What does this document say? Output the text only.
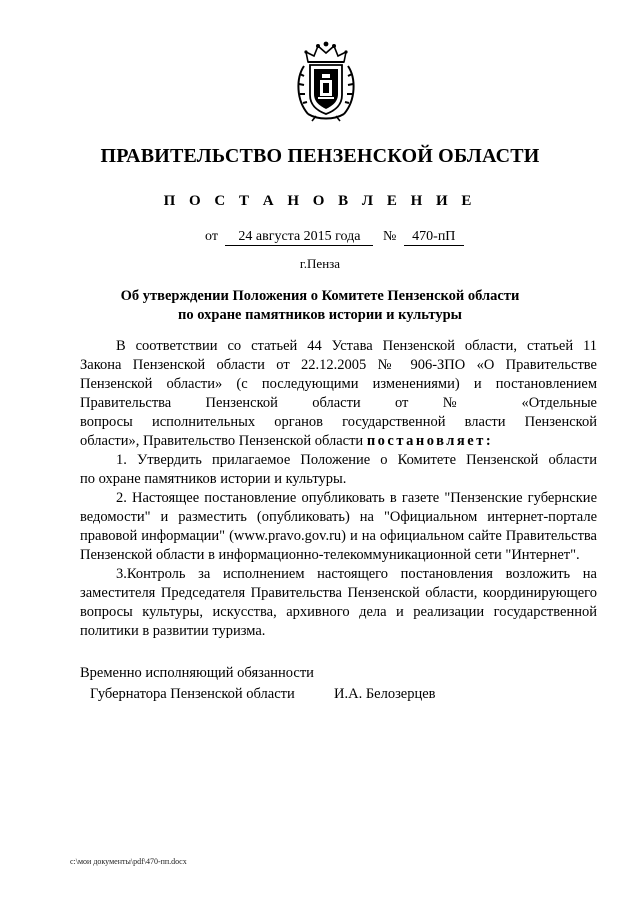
ПРАВИТЕЛЬСТВО ПЕНЗЕНСКОЙ ОБЛАСТИ
П О С Т А Н О В Л Е Н И Е
от 24 августа 2015 года № 470-пП
г.Пенза
Об утверждении Положения о Комитете Пензенской области
по охране памятников истории и культуры

В соответствии со статьей 44 Устава Пензенской области, статьей 11

Закона Пензенской области от 22.12.2005 № 906-ЗПО «О Правительстве

Пензенской области» (с последующими изменениями) и постановлением

Правительства Пензенской области от № «Отдельные

вопросы исполнительных органов государственной власти Пензенской

области», Правительство Пензенской области постановляет:

1. Утвердить прилагаемое Положение о Комитете Пензенской области

по охране памятников истории и культуры.

2. Настоящее постановление опубликовать в газете "Пензенские губернские

ведомости" и разместить (опубликовать) на "Официальном интернет-портале

правовой информации" (www.pravo.gov.ru) и на официальном сайте Правительства

Пензенской области в информационно-телекоммуникационной сети "Интернет".

3.Контроль за исполнением настоящего постановления возложить на

заместителя Председателя Правительства Пензенской области, координирующего

вопросы культуры, искусства, архивного дела и реализации государственной

политики в развитии туризма.

Временно исполняющий обязанности
Губернатора Пензенской области	И.А. Белозерцев
c:\мои документы\pdf\470-пп.docx
